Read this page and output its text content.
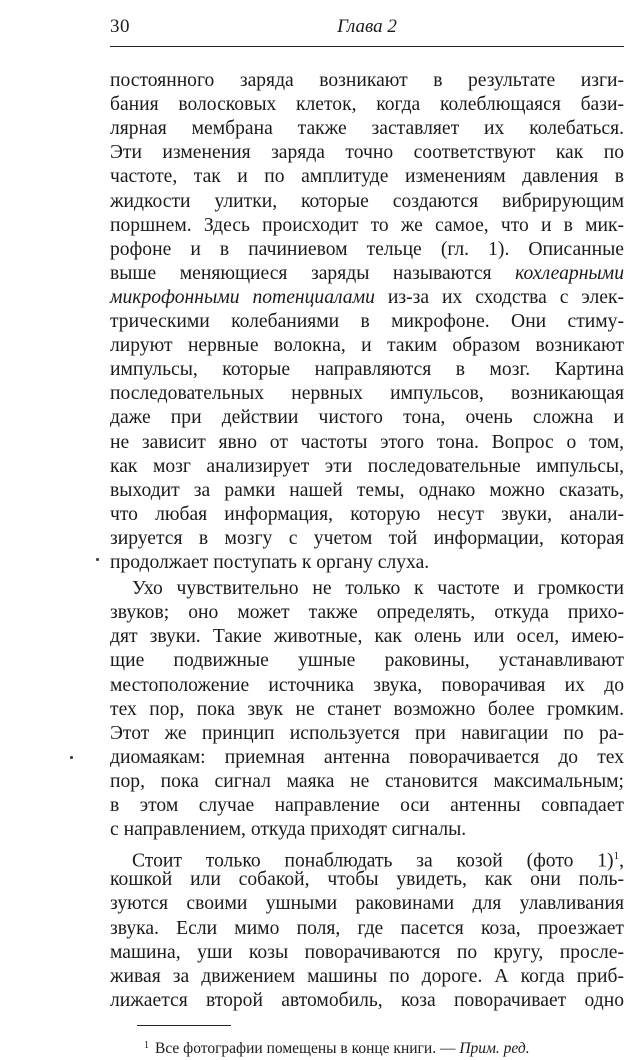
30	Глава 2
постоянного заряда возникают в результате изги-
бания волосковых клеток, когда колеблющаяся бази-
лярная мембрана также заставляет их колебаться.
Эти изменения заряда точно соответствуют как по
частоте, так и по амплитуде изменениям давления в
жидкости улитки, которые создаются вибрирующим
поршнем. Здесь происходит то же самое, что и в мик-
рофоне и в пачиниевом тельце (гл. 1). Описанные
выше меняющиеся заряды называются кохлеарными
микрофонными потенциалами из-за их сходства с элек-
трическими колебаниями в микрофоне. Они стиму-
лируют нервные волокна, и таким образом возникают
импульсы, которые направляются в мозг. Картина
последовательных нервных импульсов, возникающая
даже при действии чистого тона, очень сложна и
не зависит явно от частоты этого тона. Вопрос о том,
как мозг анализирует эти последовательные импульсы,
выходит за рамки нашей темы, однако можно сказать,
что любая информация, которую несут звуки, анали-
зируется в мозгу с учетом той информации, которая
продолжает поступать к органу слуха.
Ухо чувствительно не только к частоте и громкости
звуков; оно может также определять, откуда прихо-
дят звуки. Такие животные, как олень или осел, имею-
щие подвижные ушные раковины, устанавливают
местоположение источника звука, поворачивая их до
тех пор, пока звук не станет возможно более громким.
Этот же принцип используется при навигации по ра-
диомаякам: приемная антенна поворачивается до тех
пор, пока сигнал маяка не становится максимальным;
в этом случае направление оси антенны совпадает
с направлением, откуда приходят сигналы.
Стоит только понаблюдать за козой (фото 1)$^1$,
кошкой или собакой, чтобы увидеть, как они поль-
зуются своими ушными раковинами для улавливания
звука. Если мимо поля, где пасется коза, проезжает
машина, уши козы поворачиваются по кругу, просле-
живая за движением машины по дороге. А когда приб-
лижается второй автомобиль, коза поворачивает одно
$^1$ Все фотографии помещены в конце книги. — Прим. ред.
